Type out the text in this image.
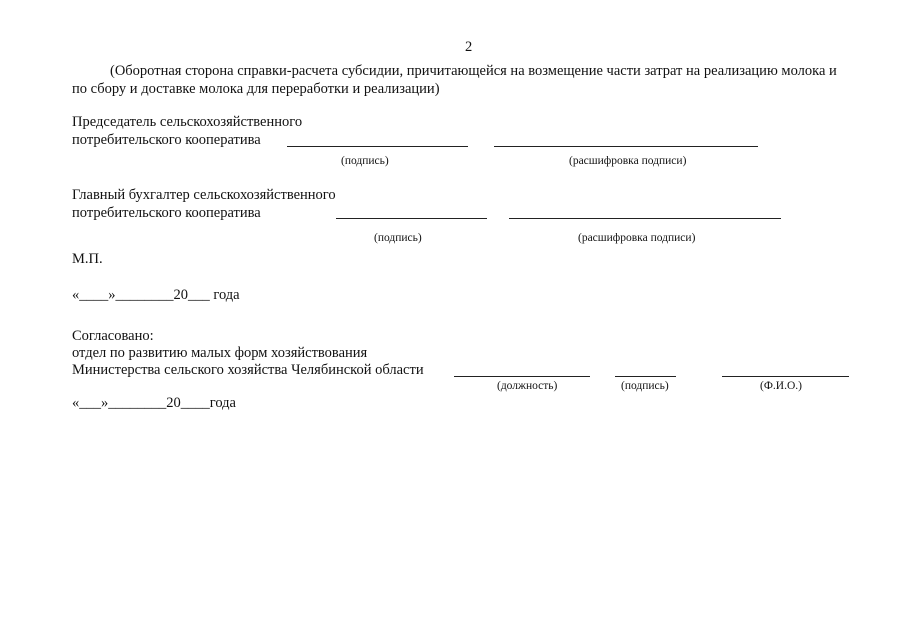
2
(Оборотная сторона справки-расчета субсидии, причитающейся на возмещение части затрат на реализацию молока и
по сбору и доставке молока для переработки и реализации)
Председатель сельскохозяйственного
потребительского кооператива
(подпись)	(расшифровка подписи)
Главный бухгалтер сельскохозяйственного
потребительского кооператива
(подпись)	(расшифровка подписи)
М.П.
«____»________20___ года
Согласовано:
отдел по развитию малых форм хозяйствования
Министерства сельского хозяйства Челябинской области
(должность)	(подпись)	(Ф.И.О.)
«___»________20____года
